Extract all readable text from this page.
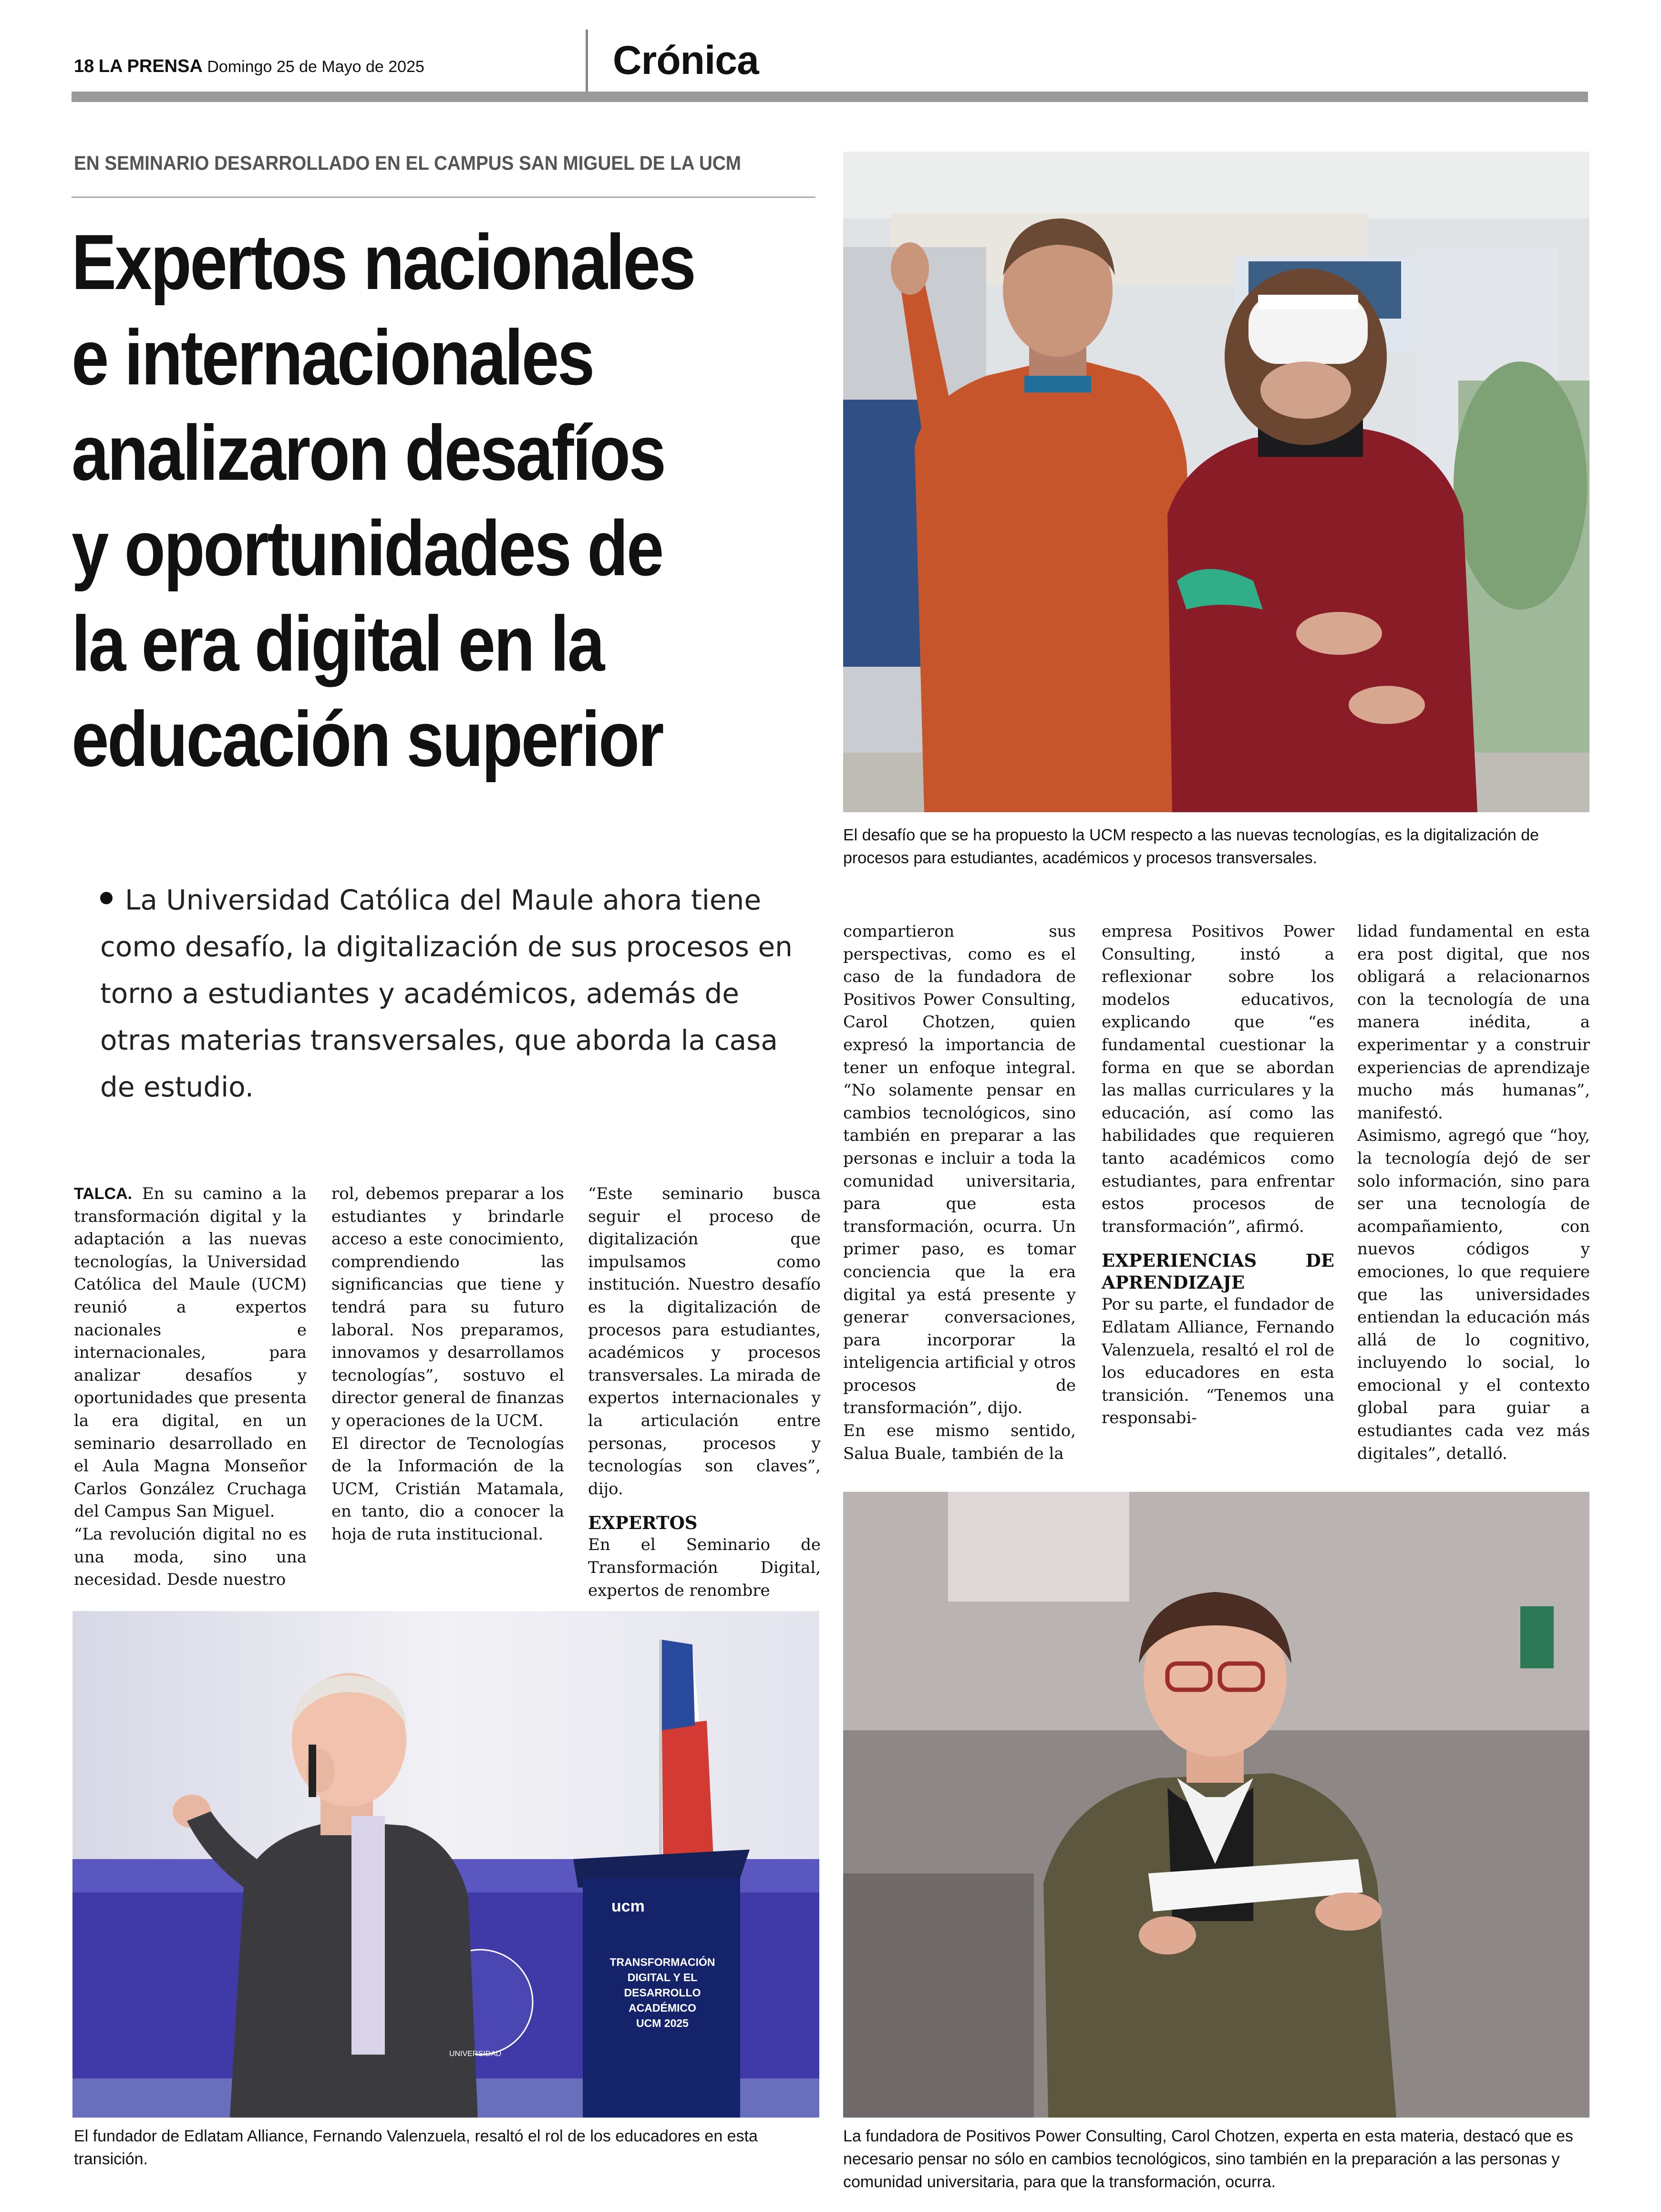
18 LA PRENSA Domingo 25 de Mayo de 2025	Crónica
EN SEMINARIO DESARROLLADO EN EL CAMPUS SAN MIGUEL DE LA UCM
Expertos nacionales
e internacionales
analizaron desafíos
y oportunidades de
la era digital en la
educación superior
La Universidad Católica del Maule ahora tiene como desafío, la digitalización de sus procesos en torno a estudiantes y académicos, además de otras materias transversales, que aborda la casa de estudio.
El desafío que se ha propuesto la UCM respecto a las nuevas tecnologías, es la digitalización de procesos para estudiantes, académicos y procesos transversales.

TALCA. En su camino a la transformación digital y la adaptación a las nuevas tecnologías, la Universidad Católica del Maule (UCM) reunió a expertos nacionales e internacionales, para analizar desafíos y oportunidades que presenta la era digital, en un seminario desarrollado en el Aula Magna Monseñor Carlos González Cruchaga del Campus San Miguel.

“La revolución digital no es una moda, sino una necesidad. Desde nuestro

rol, debemos preparar a los estudiantes y brindarle acceso a este conocimiento, comprendiendo las significancias que tiene y tendrá para su futuro laboral. Nos preparamos, innovamos y desarrollamos tecnologías”, sostuvo el director general de finanzas y operaciones de la UCM.

El director de Tecnologías de la Información de la UCM, Cristián Matamala, en tanto, dio a conocer la hoja de ruta institucional.

“Este seminario busca seguir el proceso de digitalización que impulsamos como institución. Nuestro desafío es la digitalización de procesos para estudiantes, académicos y procesos transversales. La mirada de expertos internacionales y la articulación entre personas, procesos y tecnologías son claves”, dijo.

EXPERTOS

En el Seminario de Transformación Digital, expertos de renombre

compartieron sus perspectivas, como es el caso de la fundadora de Positivos Power Consulting, Carol Chotzen, quien expresó la importancia de tener un enfoque integral. “No solamente pensar en cambios tecnológicos, sino también en preparar a las personas e incluir a toda la comunidad universitaria, para que esta transformación, ocurra. Un primer paso, es tomar conciencia que la era digital ya está presente y generar conversaciones, para incorporar la inteligencia artificial y otros procesos de transformación”, dijo.

En ese mismo sentido, Salua Buale, también de la

empresa Positivos Power Consulting, instó a reflexionar sobre los modelos educativos, explicando que “es fundamental cuestionar la forma en que se abordan las mallas curriculares y la educación, así como las habilidades que requieren tanto académicos como estudiantes, para enfrentar estos procesos de transformación”, afirmó.

EXPERIENCIAS DE APRENDIZAJE

Por su parte, el fundador de Edlatam Alliance, Fernando Valenzuela, resaltó el rol de los educadores en esta transición. “Tenemos una responsabi-

lidad fundamental en esta era post digital, que nos obligará a relacionarnos con la tecnología de una manera inédita, a experimentar y a construir experiencias de aprendizaje mucho más humanas”, manifestó.

Asimismo, agregó que “hoy, la tecnología dejó de ser solo información, sino para ser una tecnología de acompañamiento, con nuevos códigos y emociones, lo que requiere que las universidades entiendan la educación más allá de lo cognitivo, incluyendo lo social, lo emocional y el contexto global para guiar a estudiantes cada vez más digitales”, detalló.

ucm
TRANSFORMACIÓN
DIGITAL Y EL
DESARROLLO
ACADÉMICO
UCM 2025
UNIVERSIDAD
El fundador de Edlatam Alliance, Fernando Valenzuela, resaltó el rol de los educadores en esta transición.
La fundadora de Positivos Power Consulting, Carol Chotzen, experta en esta materia, destacó que es necesario pensar no sólo en cambios tecnológicos, sino también en la preparación a las personas y comunidad universitaria, para que la transformación, ocurra.
